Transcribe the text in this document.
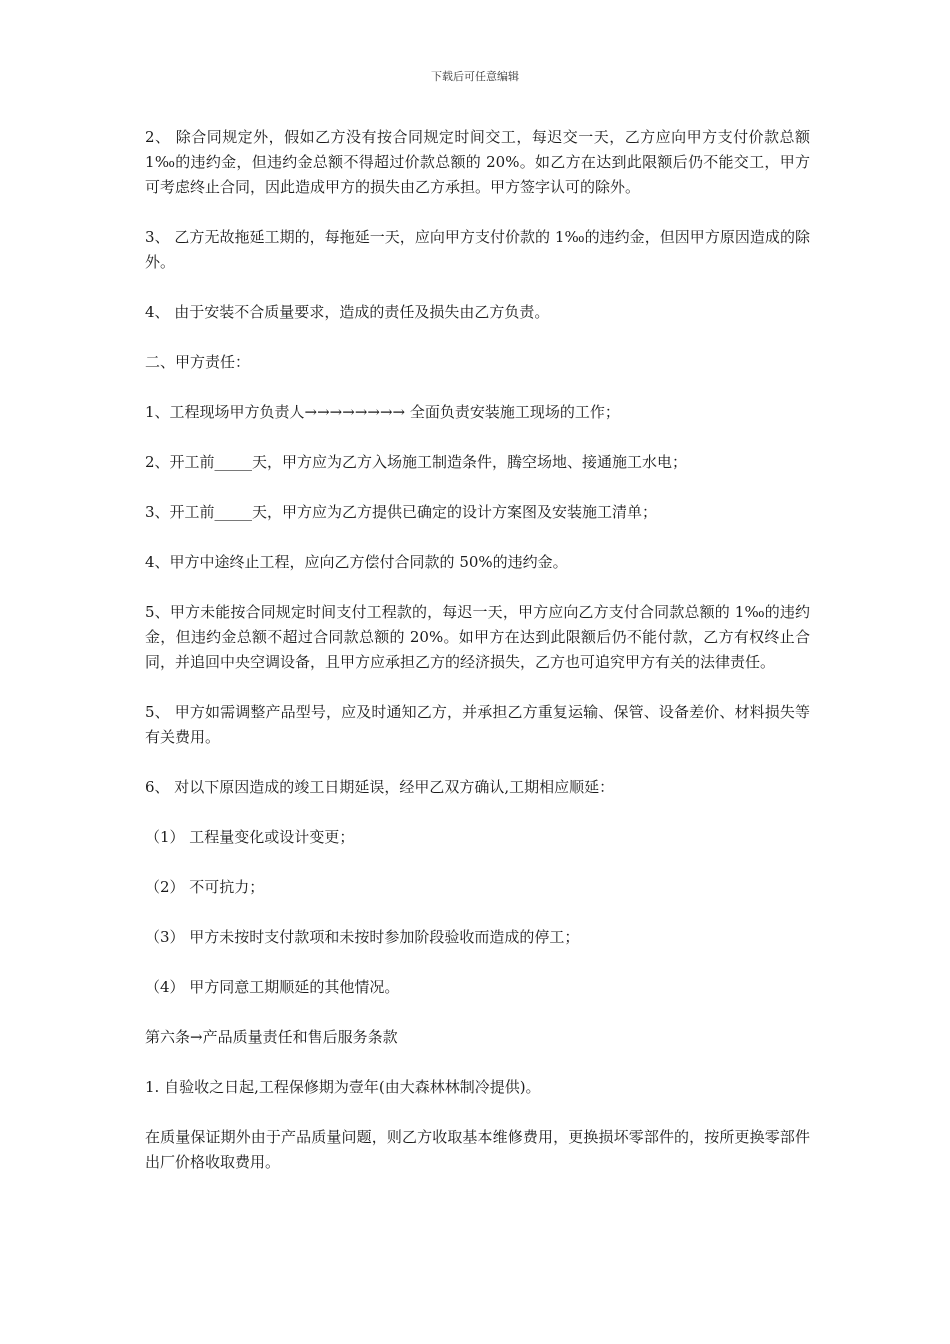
下载后可任意编辑

2、 除合同规定外，假如乙方没有按合同规定时间交工，每迟交一天，乙方应向甲方支付价款总额 1‰的违约金，但违约金总额不得超过价款总额的 20%。如乙方在达到此限额后仍不能交工，甲方可考虑终止合同，因此造成甲方的损失由乙方承担。甲方签字认可的除外。

3、 乙方无故拖延工期的，每拖延一天，应向甲方支付价款的 1‰的违约金，但因甲方原因造成的除外。

4、 由于安装不合质量要求，造成的责任及损失由乙方负责。

二、甲方责任：

1、工程现场甲方负责人→→→→→→→→ 全面负责安装施工现场的工作；

2、开工前_____天，甲方应为乙方入场施工制造条件，腾空场地、接通施工水电；

3、开工前_____天，甲方应为乙方提供已确定的设计方案图及安装施工清单；

4、甲方中途终止工程，应向乙方偿付合同款的 50%的违约金。

5、甲方未能按合同规定时间支付工程款的，每迟一天，甲方应向乙方支付合同款总额的 1‰的违约金，但违约金总额不超过合同款总额的 20%。如甲方在达到此限额后仍不能付款，乙方有权终止合同，并追回中央空调设备，且甲方应承担乙方的经济损失，乙方也可追究甲方有关的法律责任。

5、 甲方如需调整产品型号，应及时通知乙方，并承担乙方重复运输、保管、设备差价、材料损失等有关费用。

6、 对以下原因造成的竣工日期延误，经甲乙双方确认,工期相应顺延：

（1） 工程量变化或设计变更；

（2） 不可抗力；

（3） 甲方未按时支付款项和未按时参加阶段验收而造成的停工；

（4） 甲方同意工期顺延的其他情况。

第六条→产品质量责任和售后服务条款

1. 自验收之日起,工程保修期为壹年(由大森林林制冷提供)。

在质量保证期外由于产品质量问题，则乙方收取基本维修费用，更换损坏零部件的，按所更换零部件出厂价格收取费用。
